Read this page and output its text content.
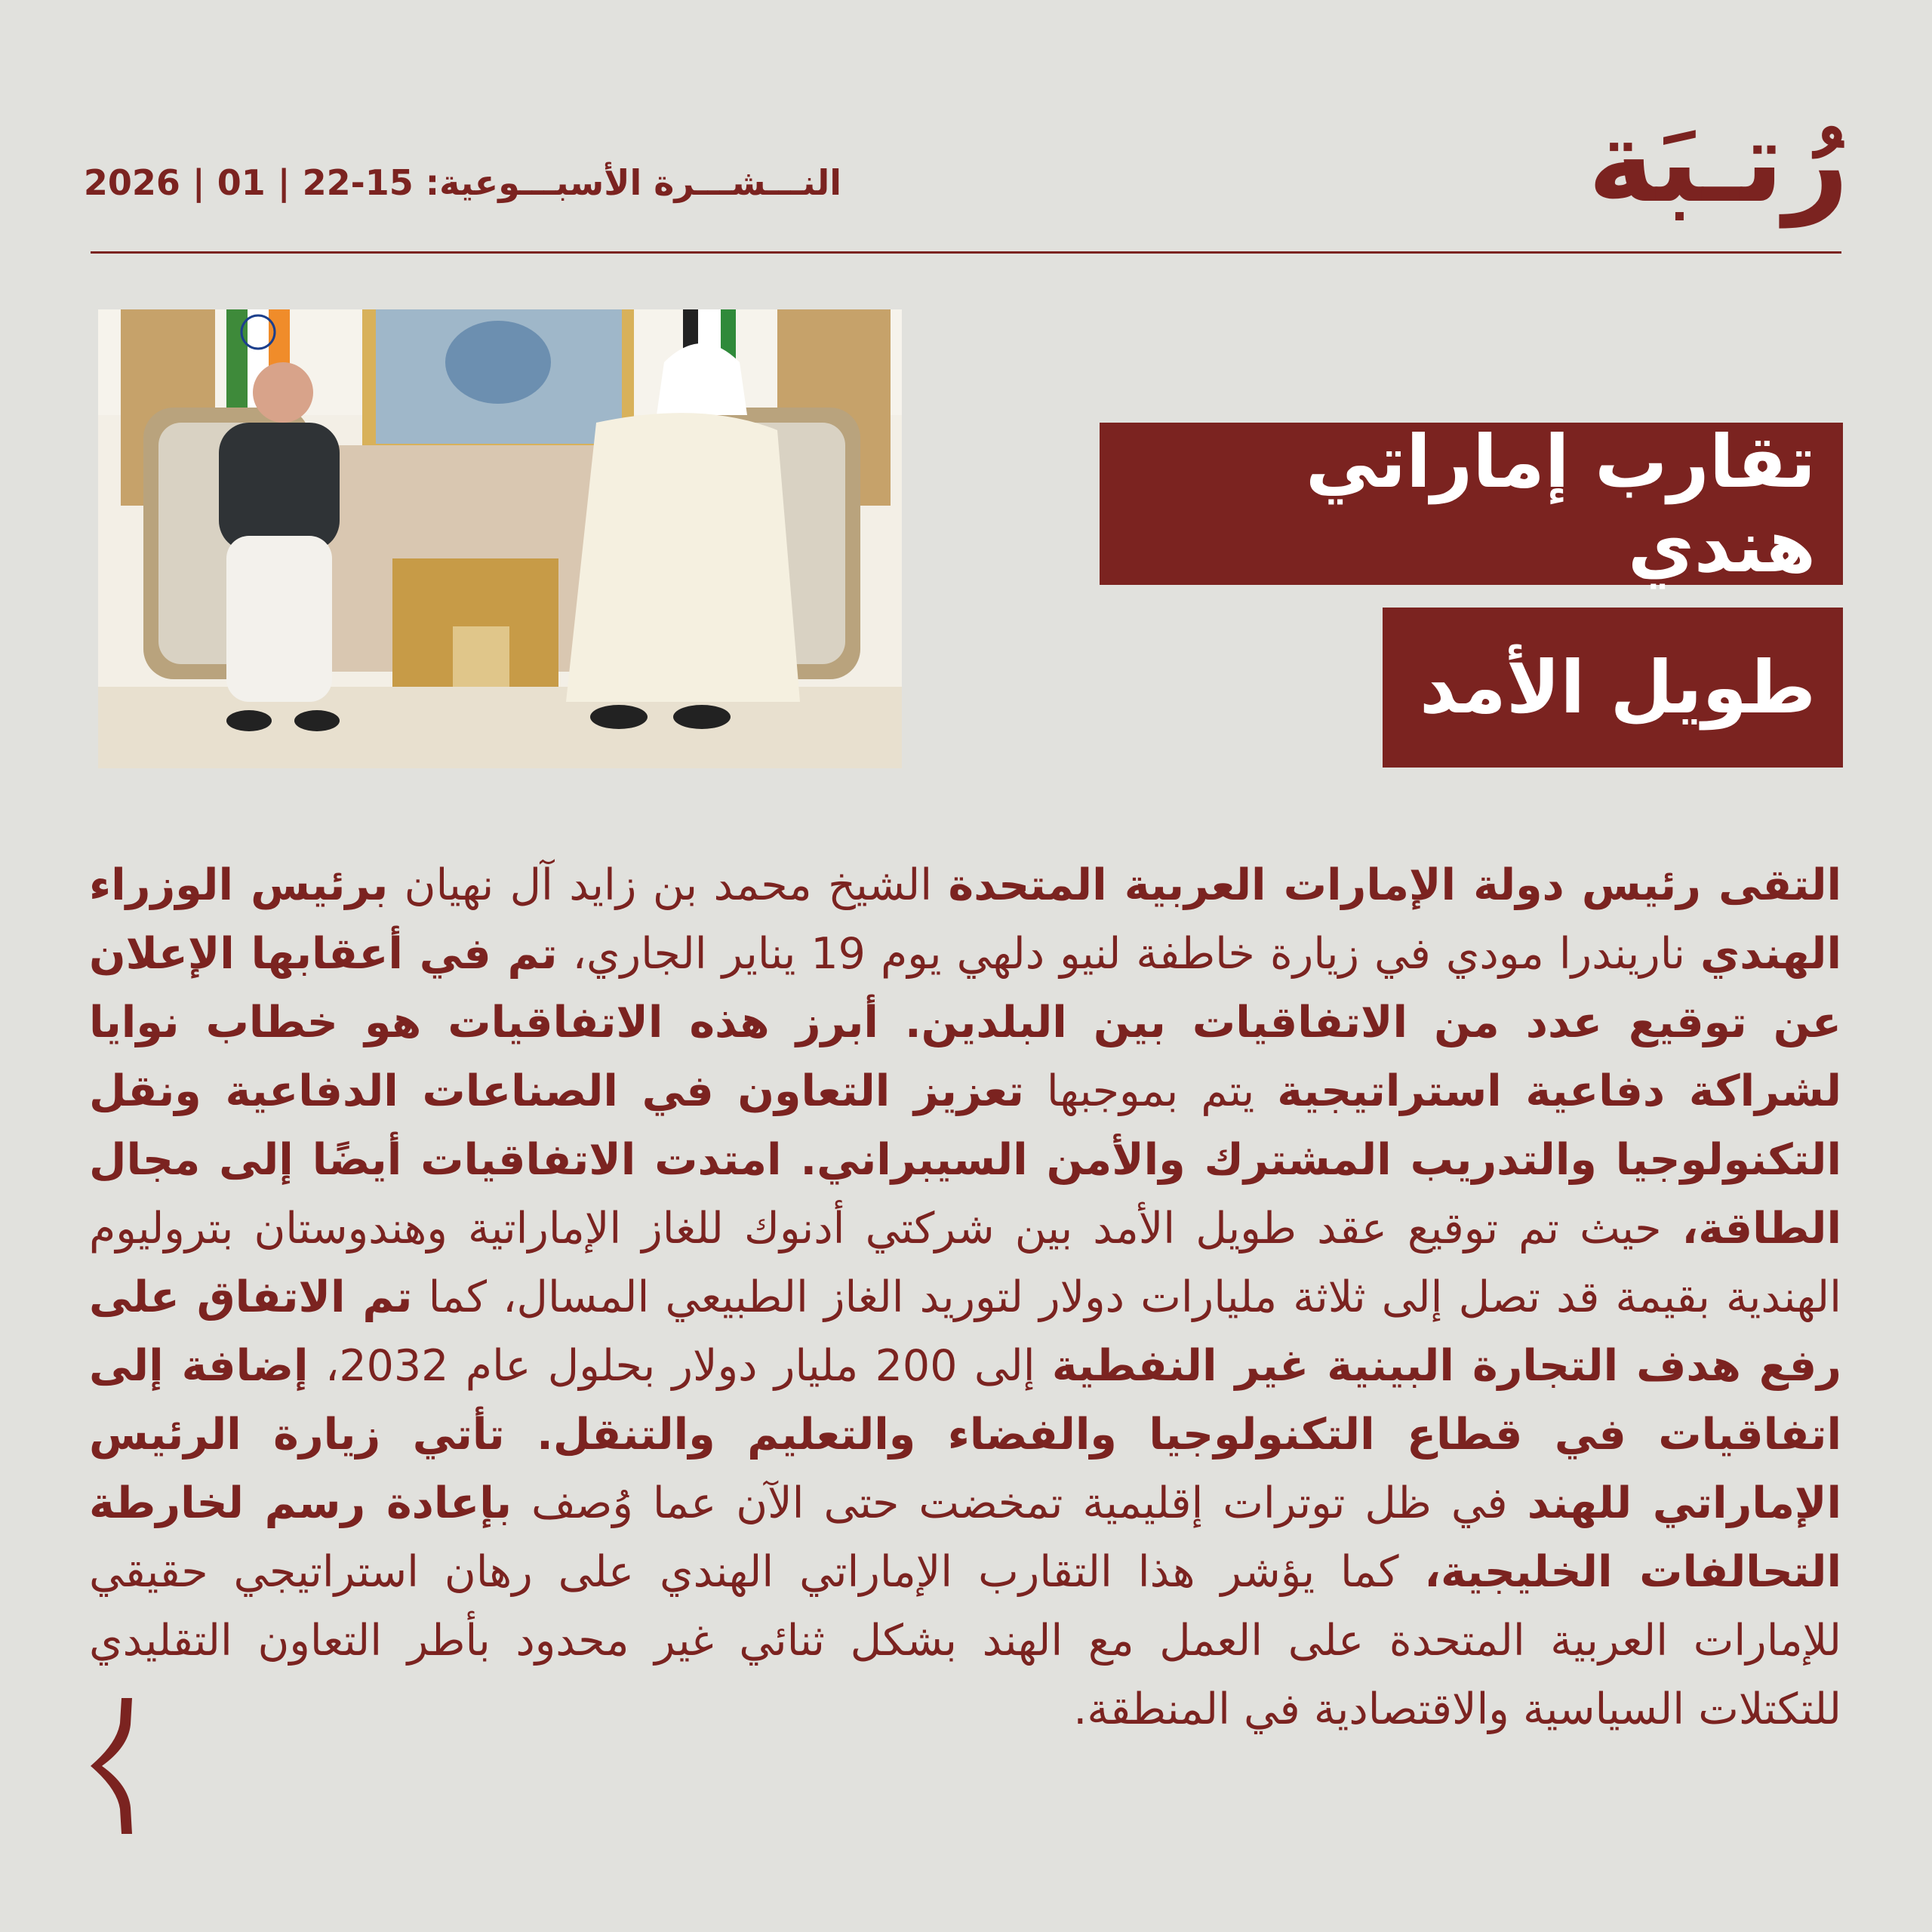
رُتـبَة
النـــشـــرة الأسبـــوعية: 15-22 | 01 | 2026
تقارب إماراتي هندي
طويل الأمد
التقى رئيس دولة الإمارات العربية المتحدة الشيخ محمد بن زايد آل نهيان برئيس الوزراء الهندي ناريندرا مودي في زيارة خاطفة لنيو دلهي يوم 19 يناير الجاري، تم في أعقابها الإعلان عن توقيع عدد من الاتفاقيات بين البلدين. أبرز هذه الاتفاقيات هو خطاب نوايا لشراكة دفاعية استراتيجية يتم بموجبها تعزيز التعاون في الصناعات الدفاعية ونقل التكنولوجيا والتدريب المشترك والأمن السيبراني. امتدت الاتفاقيات أيضًا إلى مجال الطاقة، حيث تم توقيع عقد طويل الأمد بين شركتي أدنوك للغاز الإماراتية وهندوستان بتروليوم الهندية بقيمة قد تصل إلى ثلاثة مليارات دولار لتوريد الغاز الطبيعي المسال، كما تم الاتفاق على رفع هدف التجارة البينية غير النفطية إلى 200 مليار دولار بحلول عام 2032، إضافة إلى اتفاقيات في قطاع التكنولوجيا والفضاء والتعليم والتنقل. تأتي زيارة الرئيس الإماراتي للهند في ظل توترات إقليمية تمخضت حتى الآن عما وُصف بإعادة رسم لخارطة التحالفات الخليجية، كما يؤشر هذا التقارب الإماراتي الهندي على رهان استراتيجي حقيقي للإمارات العربية المتحدة على العمل مع الهند بشكل ثنائي غير محدود بأطر التعاون التقليدي للتكتلات السياسية والاقتصادية في المنطقة.
